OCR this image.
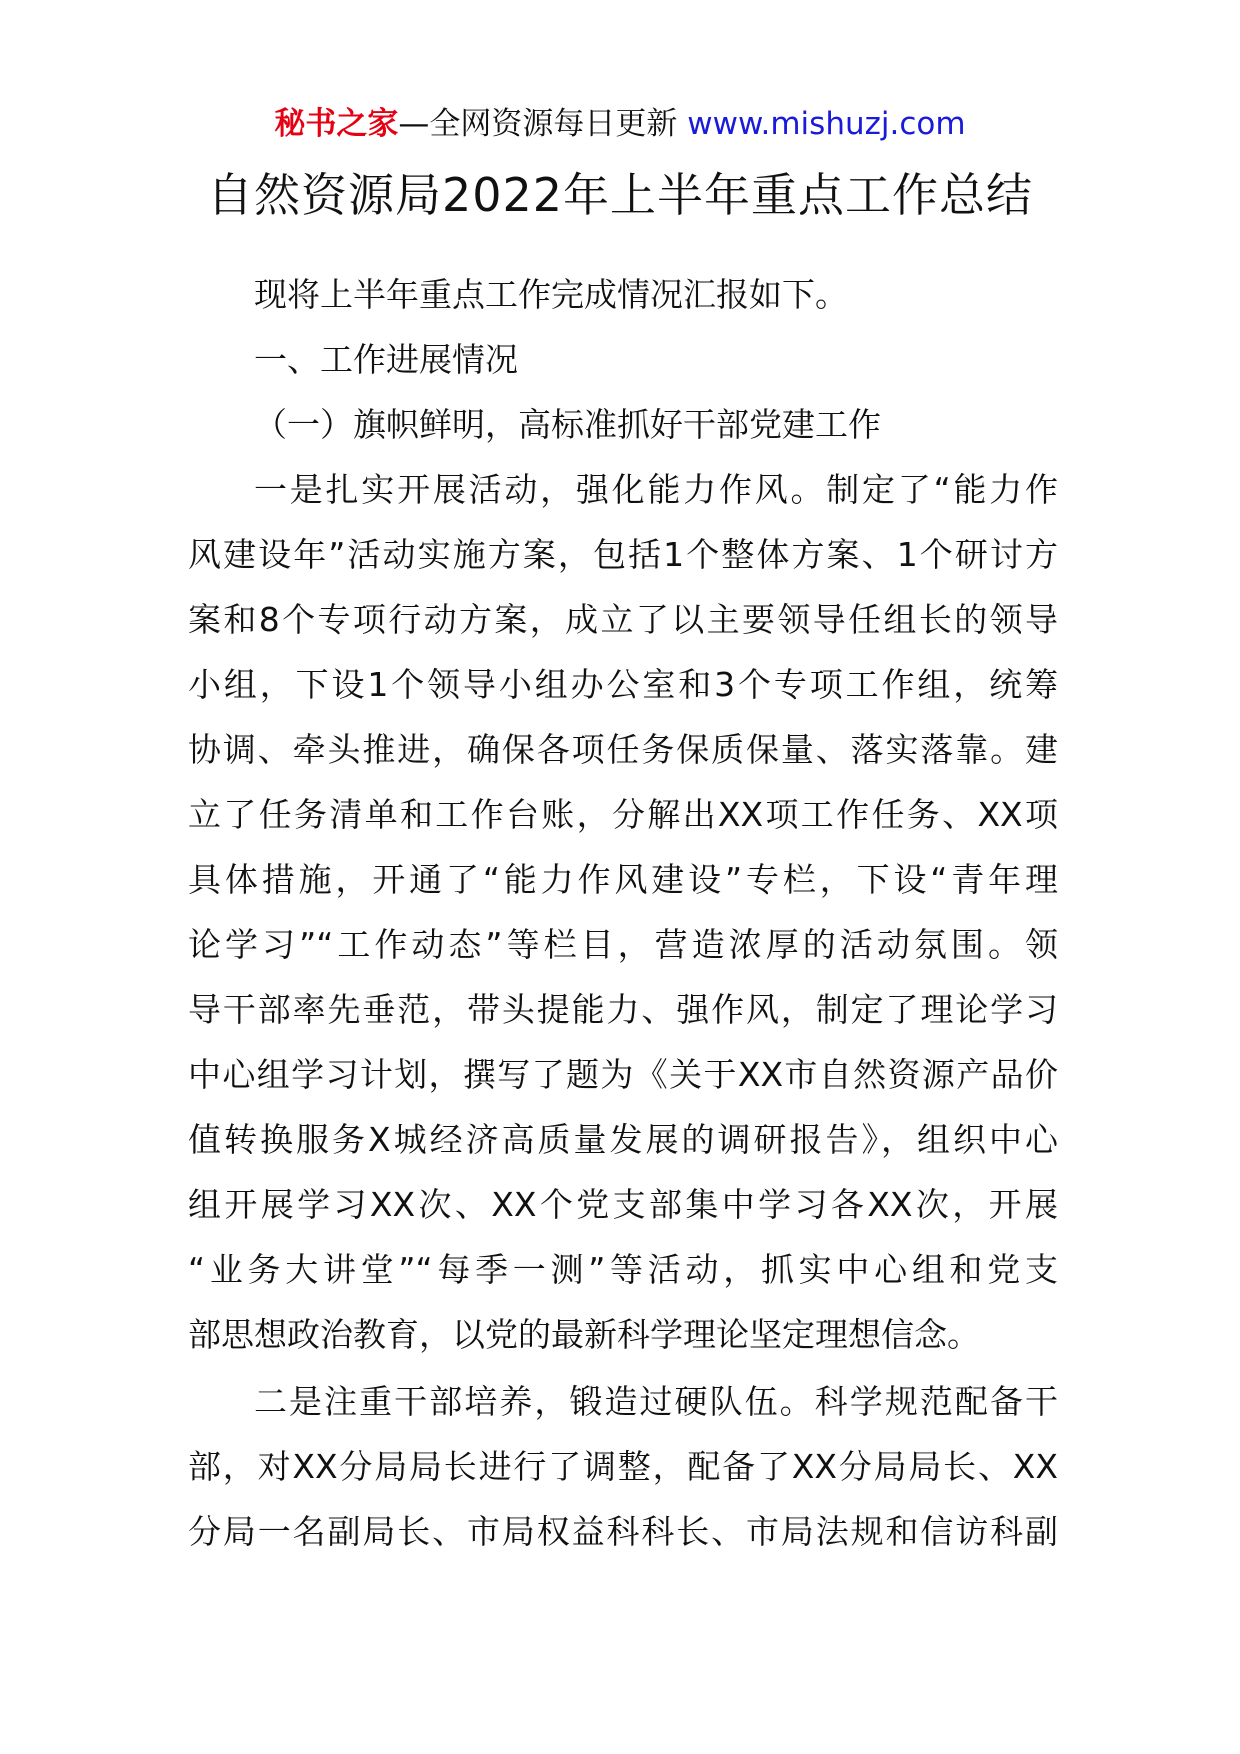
秘书之家—全网资源每日更新 www.mishuzj.com
自然资源局2022年上半年重点工作总结
现将上半年重点工作完成情况汇报如下。
一、工作进展情况
（一）旗帜鲜明，高标准抓好干部党建工作
一是扎实开展活动，强化能力作风。制定了“能力作
风建设年”活动实施方案，包括1个整体方案、1个研讨方
案和8个专项行动方案，成立了以主要领导任组长的领导
小组，下设1个领导小组办公室和3个专项工作组，统筹
协调、牵头推进，确保各项任务保质保量、落实落靠。建
立了任务清单和工作台账，分解出XX项工作任务、XX项
具体措施，开通了“能力作风建设”专栏，下设“青年理
论学习”“工作动态”等栏目，营造浓厚的活动氛围。领
导干部率先垂范，带头提能力、强作风，制定了理论学习
中心组学习计划，撰写了题为《关于XX市自然资源产品价
值转换服务X城经济高质量发展的调研报告》，组织中心
组开展学习XX次、XX个党支部集中学习各XX次，开展
“业务大讲堂”“每季一测”等活动，抓实中心组和党支
部思想政治教育，以党的最新科学理论坚定理想信念。
二是注重干部培养，锻造过硬队伍。科学规范配备干
部，对XX分局局长进行了调整，配备了XX分局局长、XX
分局一名副局长、市局权益科科长、市局法规和信访科副
